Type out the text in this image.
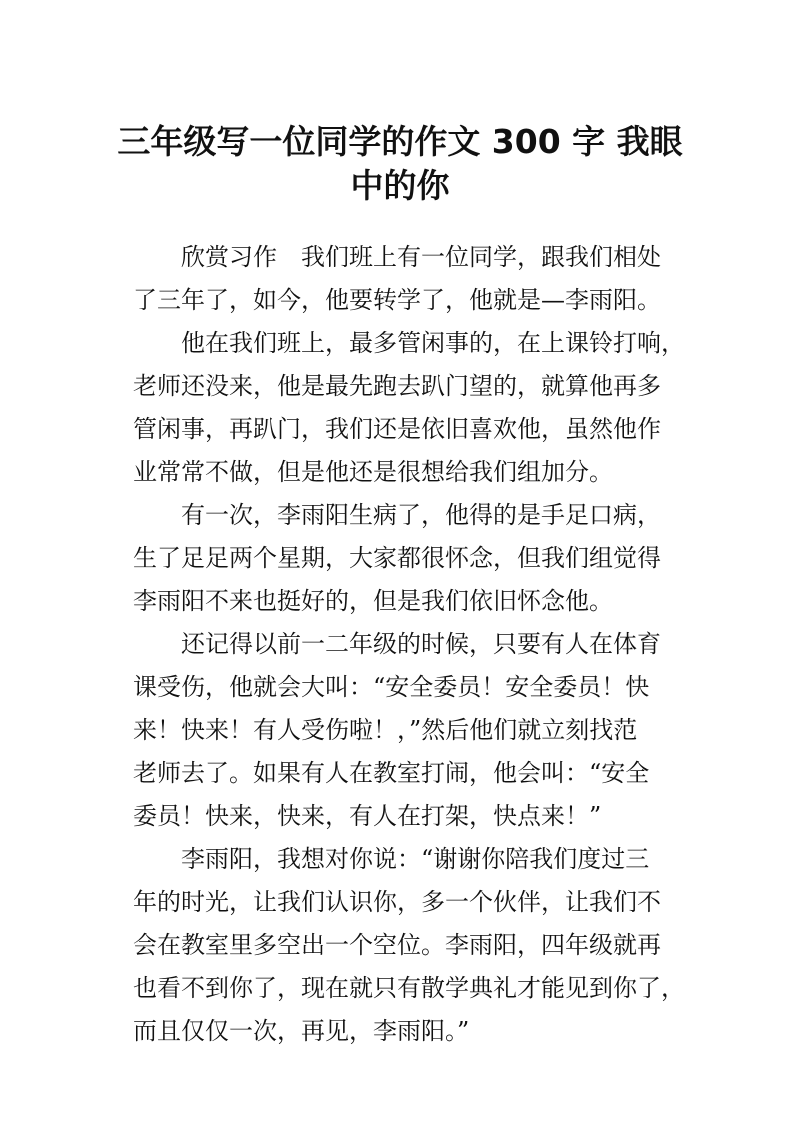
三年级写一位同学的作文 300 字 我眼
中的你

欣赏习作　我们班上有一位同学，跟我们相处
了三年了，如今，他要转学了，他就是—李雨阳。

他在我们班上，最多管闲事的，在上课铃打响，
老师还没来，他是最先跑去趴门望的，就算他再多
管闲事，再趴门，我们还是依旧喜欢他，虽然他作
业常常不做，但是他还是很想给我们组加分。

有一次，李雨阳生病了，他得的是手足口病，
生了足足两个星期，大家都很怀念，但我们组觉得
李雨阳不来也挺好的，但是我们依旧怀念他。

还记得以前一二年级的时候，只要有人在体育
课受伤，他就会大叫：“安全委员！安全委员！快
来！快来！有人受伤啦！，”然后他们就立刻找范
老师去了。如果有人在教室打闹，他会叫：“安全
委员！快来，快来，有人在打架，快点来！”

李雨阳，我想对你说：“谢谢你陪我们度过三
年的时光，让我们认识你，多一个伙伴，让我们不
会在教室里多空出一个空位。李雨阳，四年级就再
也看不到你了，现在就只有散学典礼才能见到你了，
而且仅仅一次，再见，李雨阳。”
